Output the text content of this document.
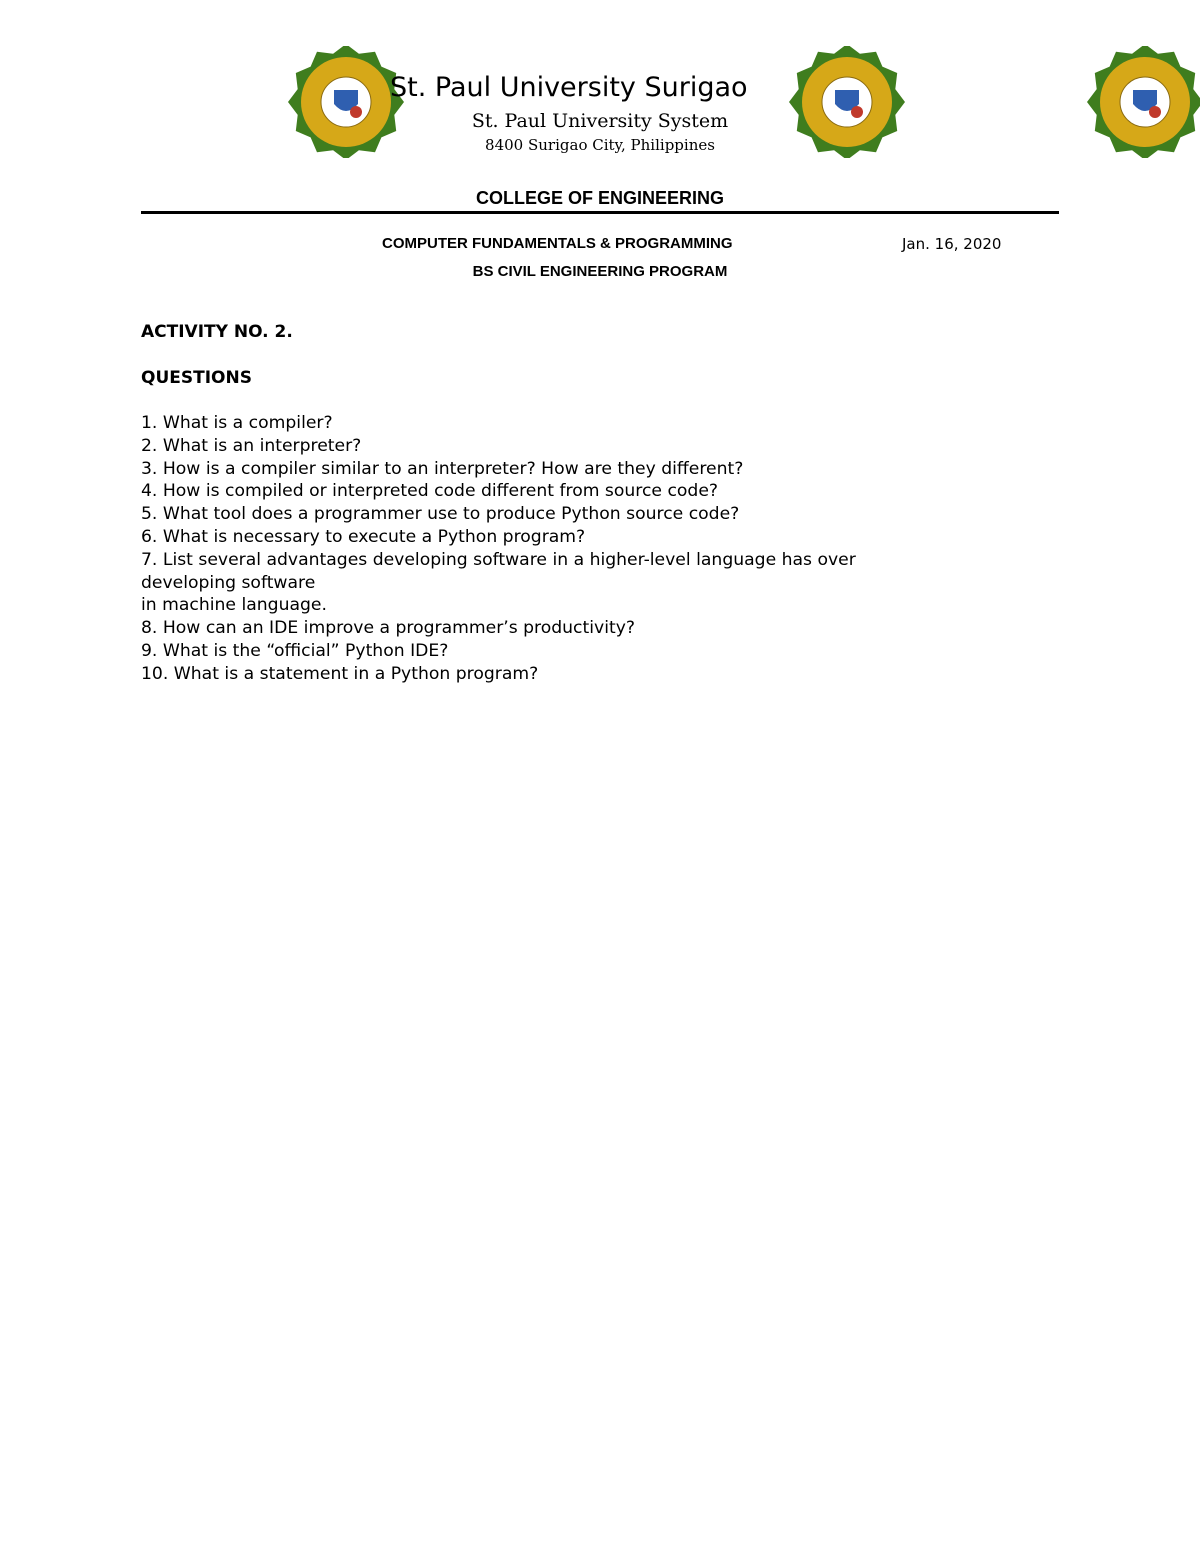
St. Paul University Surigao
St. Paul University System
8400 Surigao City, Philippines
COLLEGE OF ENGINEERING
COMPUTER FUNDAMENTALS & PROGRAMMING	Jan. 16, 2020
BS CIVIL ENGINEERING PROGRAM
ACTIVITY NO. 2.
QUESTIONS
1. What is a compiler?
2. What is an interpreter?
3. How is a compiler similar to an interpreter? How are they different?
4. How is compiled or interpreted code different from source code?
5. What tool does a programmer use to produce Python source code?
6. What is necessary to execute a Python program?
7. List several advantages developing software in a higher-level language has over
developing software
in machine language.
8. How can an IDE improve a programmer’s productivity?
9. What is the “official” Python IDE?
10. What is a statement in a Python program?
